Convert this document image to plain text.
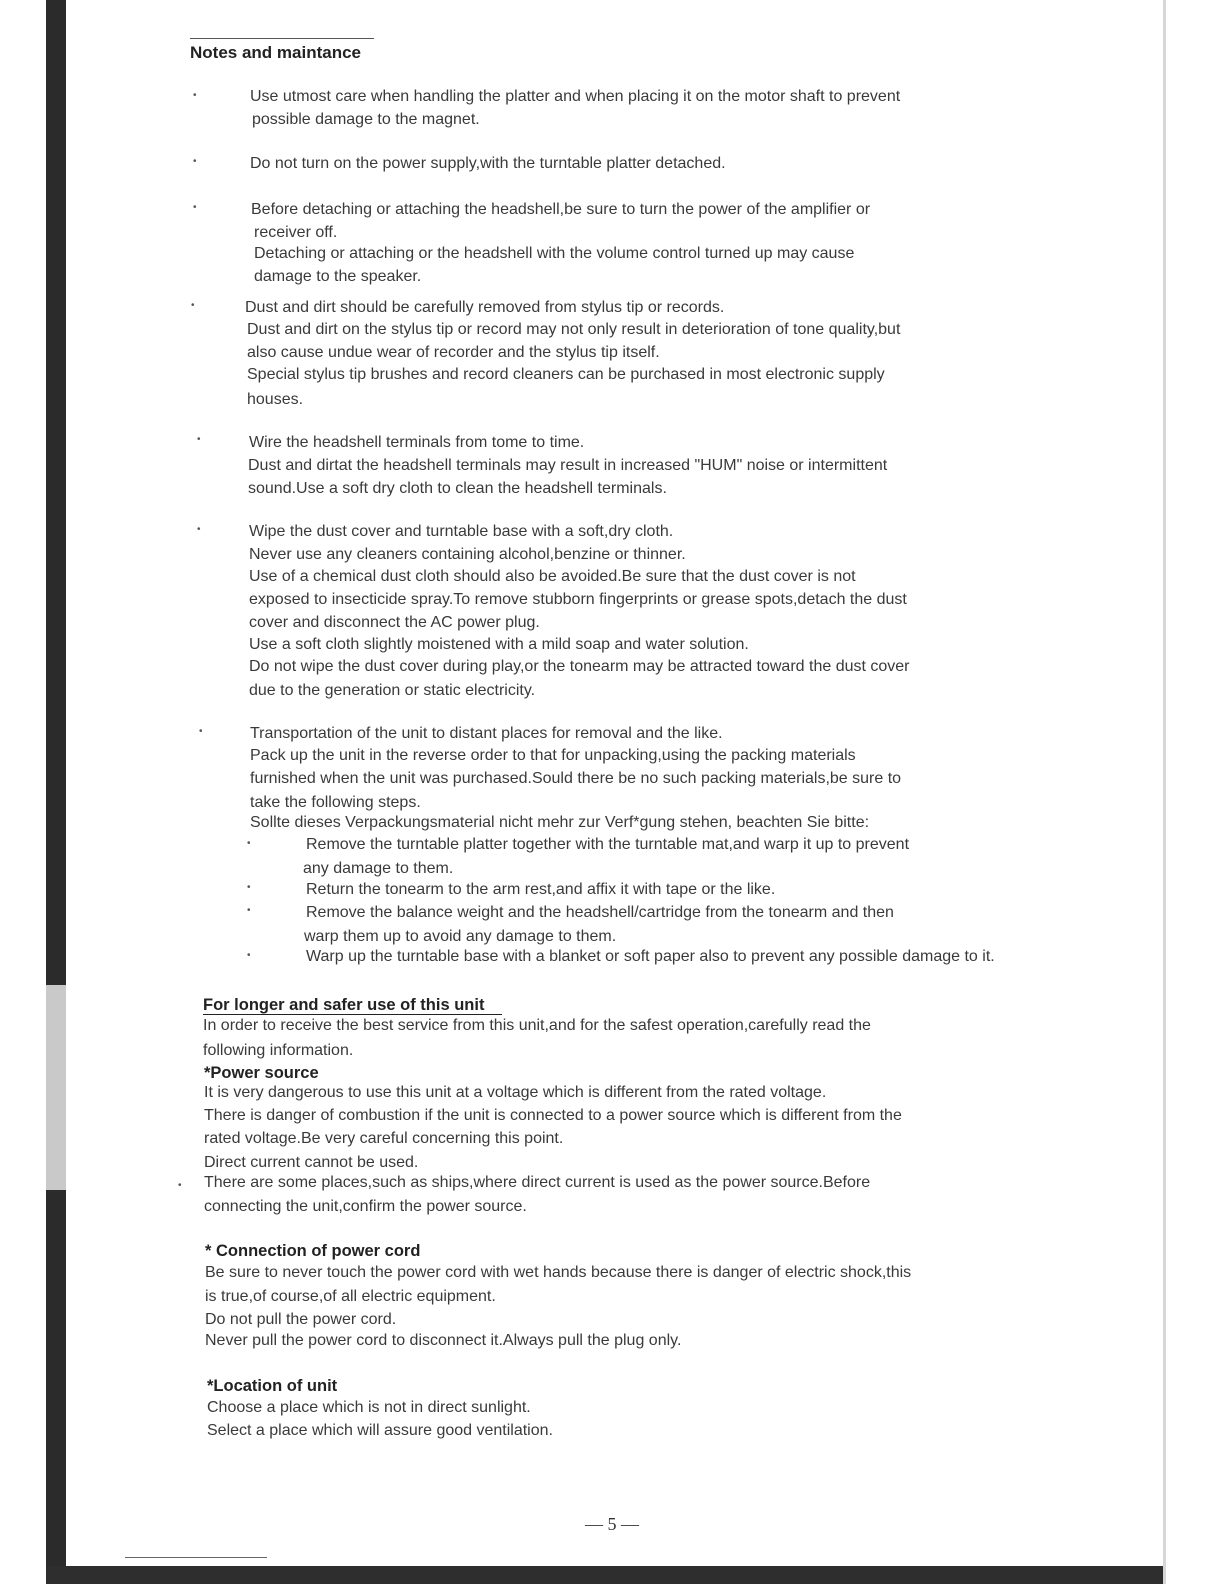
Notes and maintance
•	Use utmost care when handling the platter and when placing it on the motor shaft to prevent
possible damage to the magnet.
•	Do not turn on the power supply,with the turntable platter detached.
•	Before detaching or attaching the headshell,be sure to turn the power of the amplifier or
receiver off.
Detaching or attaching or the headshell with the volume control turned up may cause
damage to the speaker.
•	Dust and dirt should be carefully removed from stylus tip or records.
Dust and dirt on the stylus tip or record may not only result in deterioration of tone quality,but
also cause undue wear of recorder and the stylus tip itself.
Special stylus tip brushes and record cleaners can be purchased in most electronic supply
houses.
•	Wire the headshell terminals from tome to time.
Dust and dirtat the headshell terminals may result in increased "HUM" noise or intermittent
sound.Use a soft dry cloth to clean the headshell terminals.
•	Wipe the dust cover and turntable base with a soft,dry cloth.
Never use any cleaners containing alcohol,benzine or thinner.
Use of a chemical dust cloth should also be avoided.Be sure that the dust cover is not
exposed to insecticide spray.To remove stubborn fingerprints or grease spots,detach the dust
cover and disconnect the AC power plug.
Use a soft cloth slightly moistened with a mild soap and water solution.
Do not wipe the dust cover during play,or the tonearm may be attracted toward the dust cover
due to the generation or static electricity.
•	Transportation of the unit to distant places for removal and the like.
Pack up the unit in the reverse order to that for unpacking,using the packing materials
furnished when the unit was purchased.Sould there be no such packing materials,be sure to
take the following steps.
Sollte dieses Verpackungsmaterial nicht mehr zur Verf*gung stehen, beachten Sie bitte:
•	Remove the turntable platter together with the turntable mat,and warp it up to prevent
any damage to them.
•	Return the tonearm to the arm rest,and affix it with tape or the like.
•	Remove the balance weight and the headshell/cartridge from the tonearm and then
warp them up to avoid any damage to them.
•	Warp up the turntable base with a blanket or soft paper also to prevent any possible damage to it.
For longer and safer use of this unit
In order to receive the best service from this unit,and for the safest operation,carefully read the
following information.
*Power source
It is very dangerous to use this unit at a voltage which is different from the rated voltage.
There is danger of combustion if the unit is connected to a power source which is different from the
rated voltage.Be very careful concerning this point.
Direct current cannot be used.
• There are some places,such as ships,where direct current is used as the power source.Before
connecting the unit,confirm the power source.
* Connection of power cord
Be sure to never touch the power cord with wet hands because there is danger of electric shock,this
is true,of course,of all electric equipment.
Do not pull the power cord.
Never pull the power cord to disconnect it.Always pull the plug only.
*Location of unit
Choose a place which is not in direct sunlight.
Select a place which will assure good ventilation.
— 5 —
